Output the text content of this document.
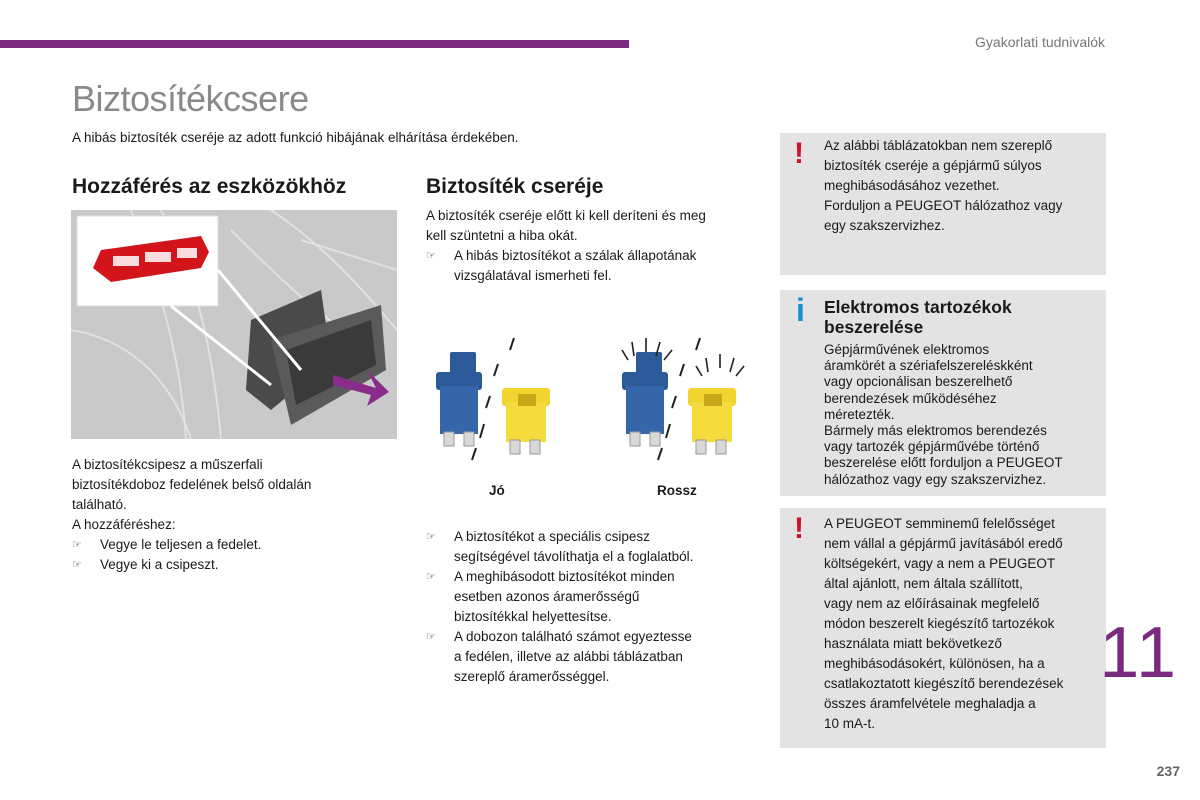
Gyakorlati tudnivalók
Biztosítékcsere
A hibás biztosíték cseréje az adott funkció hibájának elhárítása érdekében.
Hozzáférés az eszközökhöz
A biztosítékcsipesz a műszerfali
biztosítékdoboz fedelének belső oldalán
található.
A hozzáféréshez:
☞ Vegye le teljesen a fedelet.
☞ Vegye ki a csipeszt.
Biztosíték cseréje
A biztosíték cseréje előtt ki kell deríteni és meg
kell szüntetni a hiba okát.
☞ A hibás biztosítékot a szálak állapotának
vizsgálatával ismerheti fel.
Jó	Rossz
☞ A biztosítékot a speciális csipesz
segítségével távolíthatja el a foglalatból.
☞ A meghibásodott biztosítékot minden
esetben azonos áramerősségű
biztosítékkal helyettesítse.
☞ A dobozon található számot egyeztesse
a fedélen, illetve az alábbi táblázatban
szereplő áramerősséggel.
! Az alábbi táblázatokban nem szereplő
biztosíték cseréje a gépjármű súlyos
meghibásodásához vezethet.
Forduljon a PEUGEOT hálózathoz vagy
egy szakszervizhez.
i Elektromos tartozékok beszerelése
Gépjárművének elektromos
áramkörét a szériafelszereléskként
vagy opcionálisan beszerelhető
berendezések működéséhez
méretezték.
Bármely más elektromos berendezés
vagy tartozék gépjárművébe történő
beszerelése előtt forduljon a PEUGEOT
hálózathoz vagy egy szakszervizhez.
! A PEUGEOT semminemű felelősséget
nem vállal a gépjármű javításából eredő
költségekért, vagy a nem a PEUGEOT
által ajánlott, nem általa szállított,
vagy nem az előírásainak megfelelő
módon beszerelt kiegészítő tartozékok
használata miatt bekövetkező
meghibásodásokért, különösen, ha a
csatlakoztatott kiegészítő berendezések
összes áramfelvétele meghaladja a
10 mA-t.
11
237
